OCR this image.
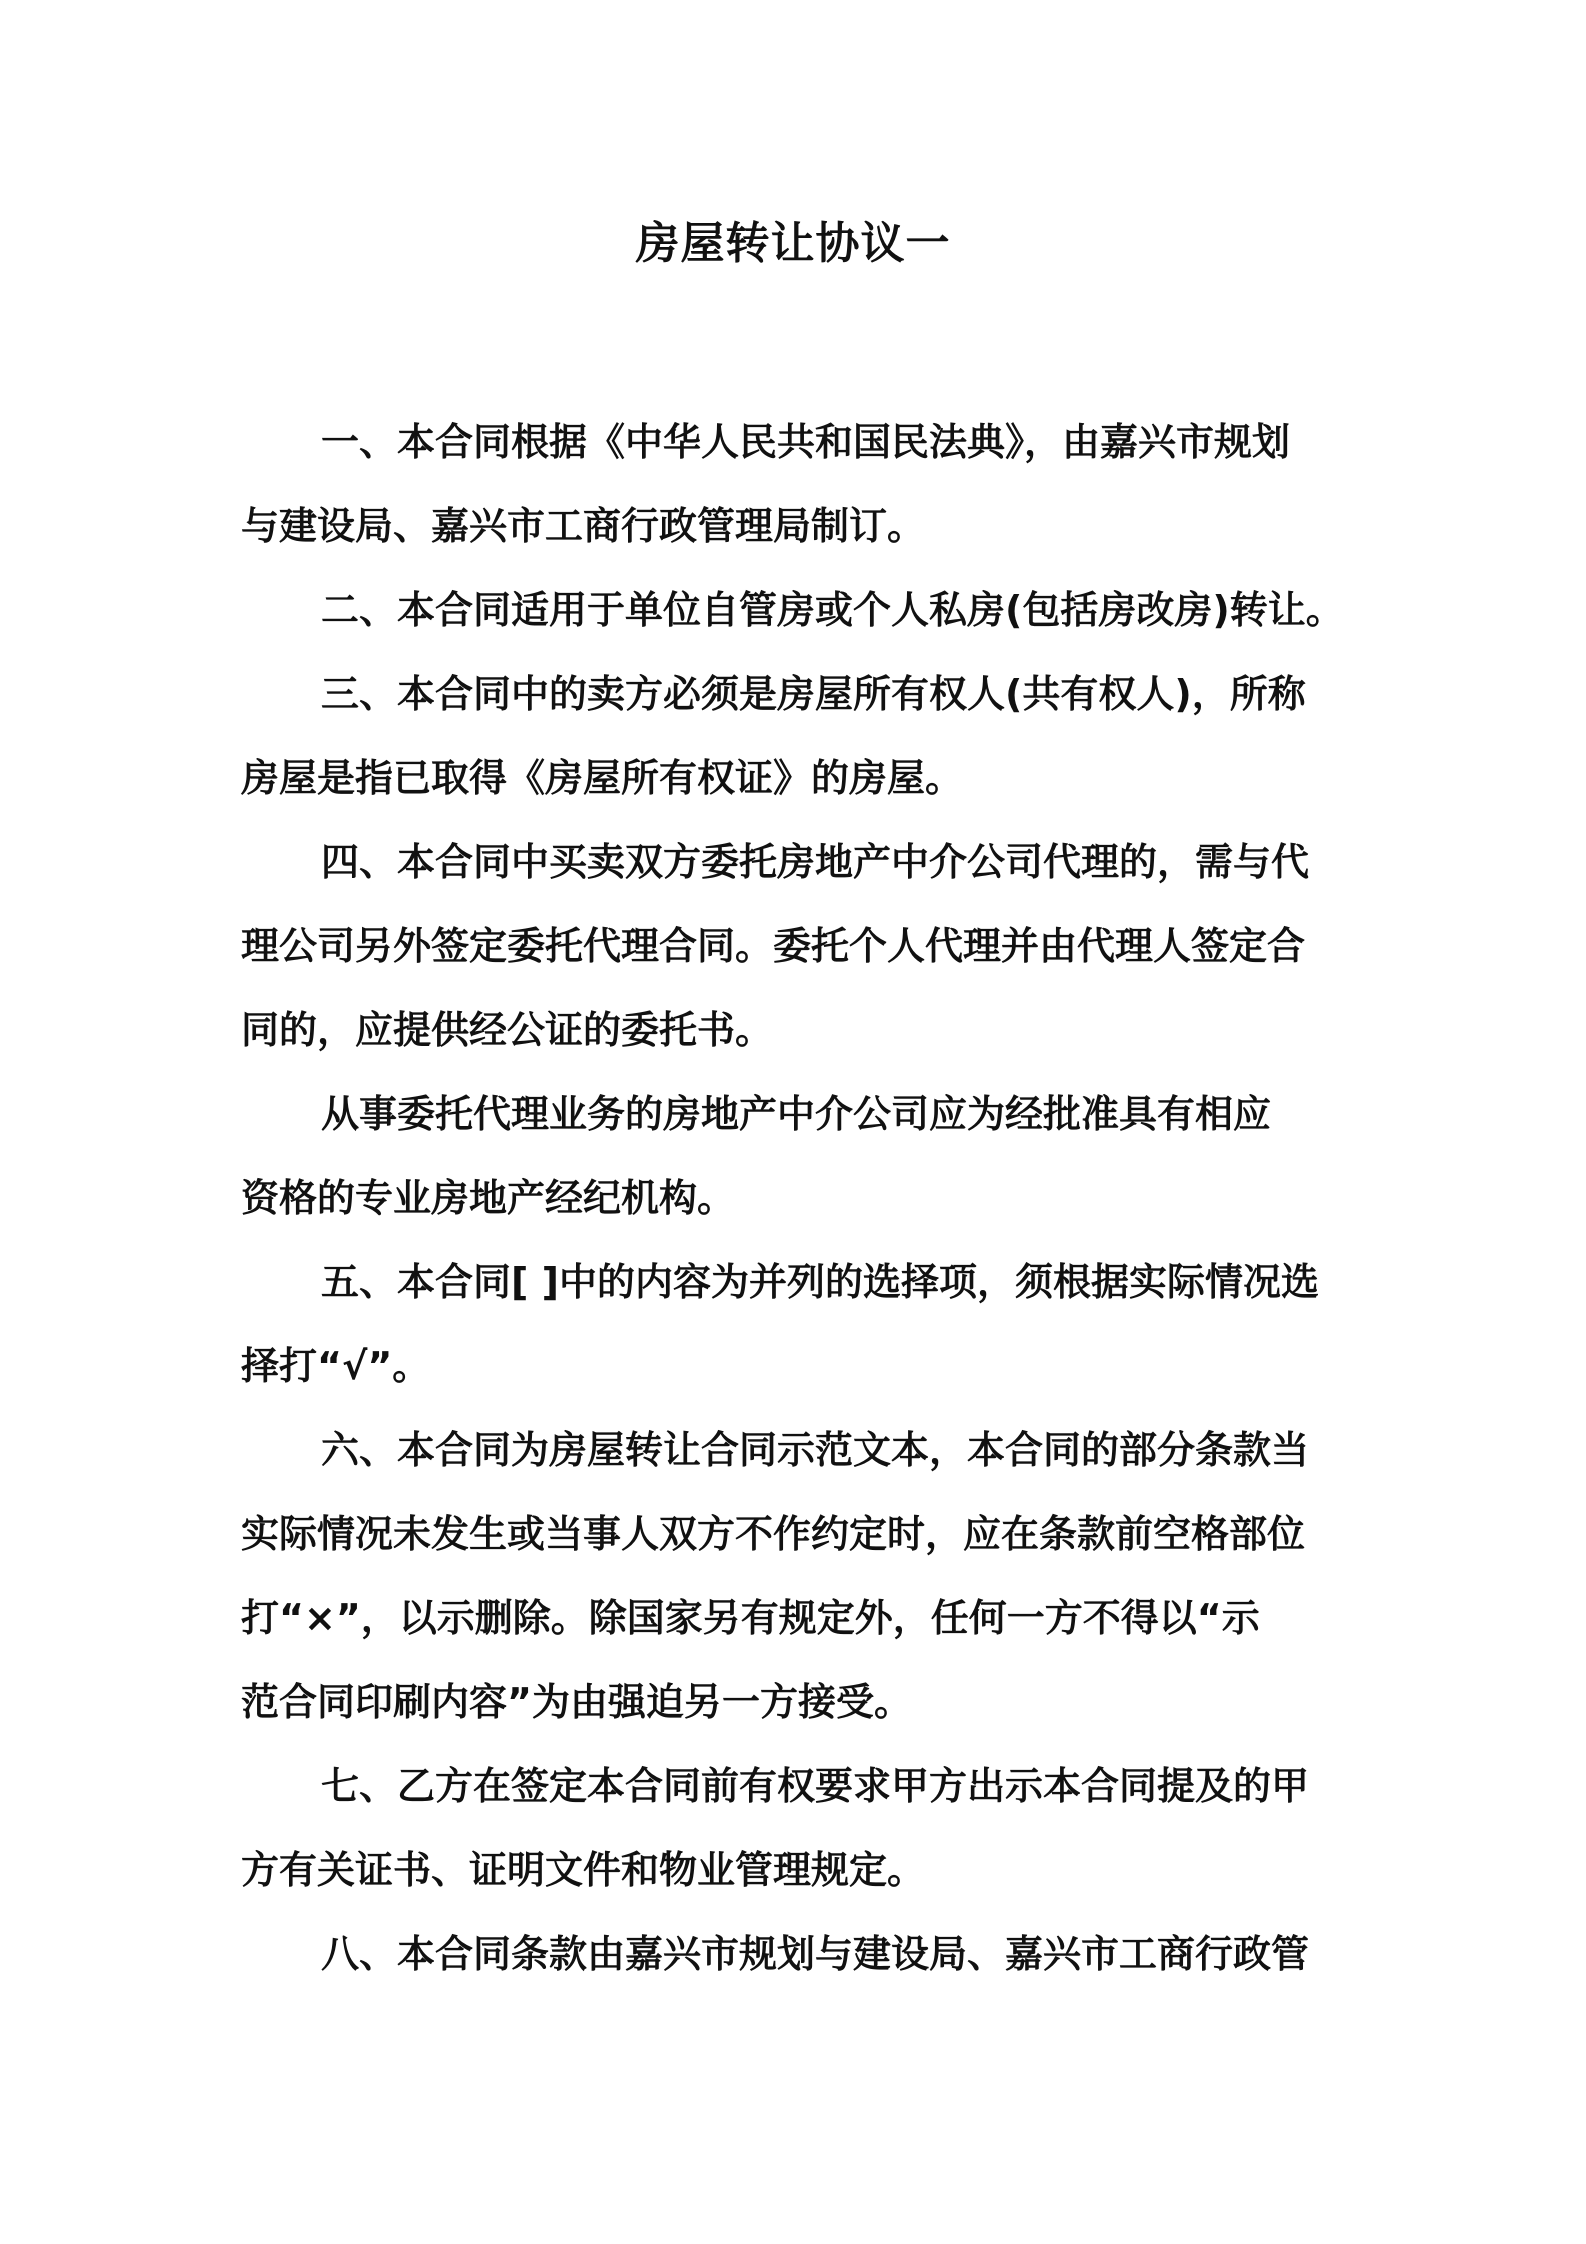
房屋转让协议一
一、本合同根据《中华人民共和国民法典》，由嘉兴市规划
与建设局、嘉兴市工商行政管理局制订。
二、本合同适用于单位自管房或个人私房(包括房改房)转让。
三、本合同中的卖方必须是房屋所有权人(共有权人)，所称
房屋是指已取得《房屋所有权证》的房屋。
四、本合同中买卖双方委托房地产中介公司代理的，需与代
理公司另外签定委托代理合同。委托个人代理并由代理人签定合
同的，应提供经公证的委托书。
从事委托代理业务的房地产中介公司应为经批准具有相应
资格的专业房地产经纪机构。
五、本合同[ ]中的内容为并列的选择项，须根据实际情况选
择打“√”。
六、本合同为房屋转让合同示范文本，本合同的部分条款当
实际情况未发生或当事人双方不作约定时，应在条款前空格部位
打“×”，以示删除。除国家另有规定外，任何一方不得以“示
范合同印刷内容”为由强迫另一方接受。
七、乙方在签定本合同前有权要求甲方出示本合同提及的甲
方有关证书、证明文件和物业管理规定。
八、本合同条款由嘉兴市规划与建设局、嘉兴市工商行政管
